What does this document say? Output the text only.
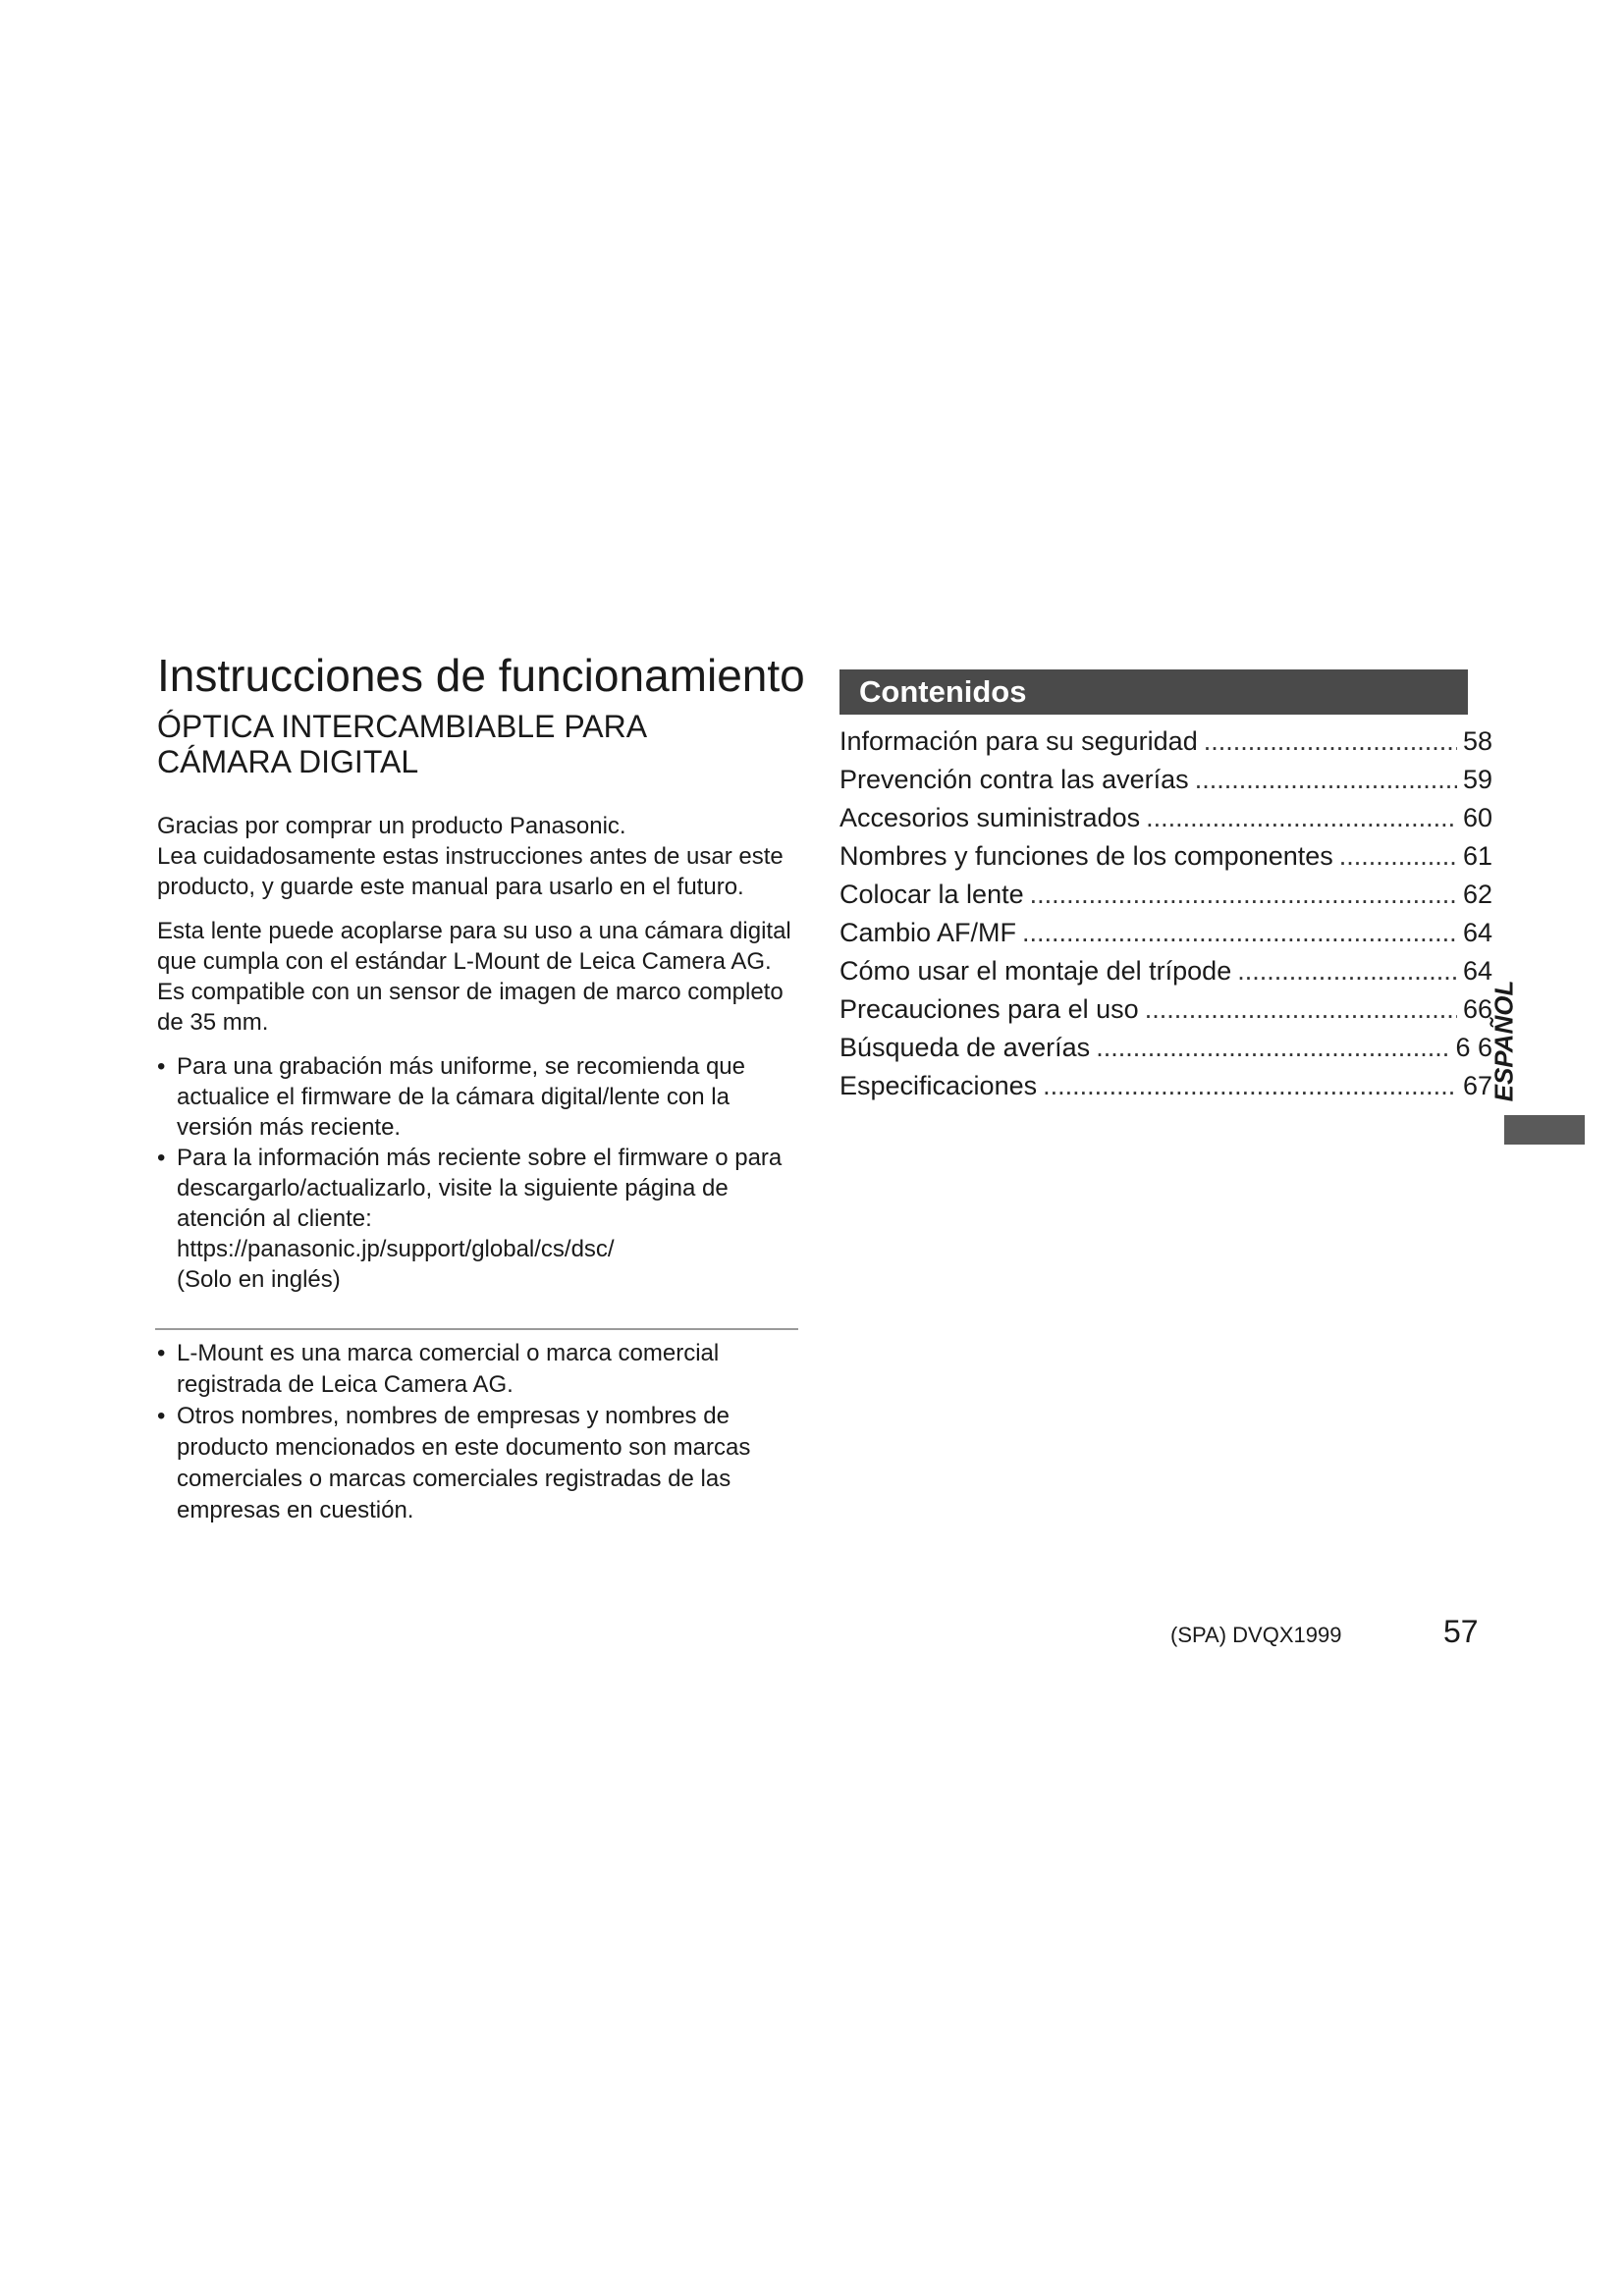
Instrucciones de funcionamiento
ÓPTICA INTERCAMBIABLE PARA
CÁMARA DIGITAL

Gracias por comprar un producto Panasonic.
Lea cuidadosamente estas instrucciones antes de usar este producto, y guarde este manual para usarlo en el futuro.

Esta lente puede acoplarse para su uso a una cámara digital que cumpla con el estándar L-Mount de Leica Camera AG. Es compatible con un sensor de imagen de marco completo de 35 mm.

• Para una grabación más uniforme, se recomienda que actualice el firmware de la cámara digital/lente con la versión más reciente.
• Para la información más reciente sobre el firmware o para descargarlo/actualizarlo, visite la siguiente página de atención al cliente:
https://panasonic.jp/support/global/cs/dsc/
(Solo en inglés)
• L-Mount es una marca comercial o marca comercial registrada de Leica Camera AG.
• Otros nombres, nombres de empresas y nombres de producto mencionados en este documento son marcas comerciales o marcas comerciales registradas de las empresas en cuestión.
Contenidos
Información para su seguridad .....	58
Prevención contra las averías .....	59
Accesorios suministrados .....	60
Nombres y funciones de los componentes .....	61
Colocar la lente .....	62
Cambio AF/MF .....	64
Cómo usar el montaje del trípode .....	64
Precauciones para el uso .....	66
Búsqueda de averías .....	6 6
Especificaciones .....	67
ESPAÑOL
(SPA) DVQX1999	57
